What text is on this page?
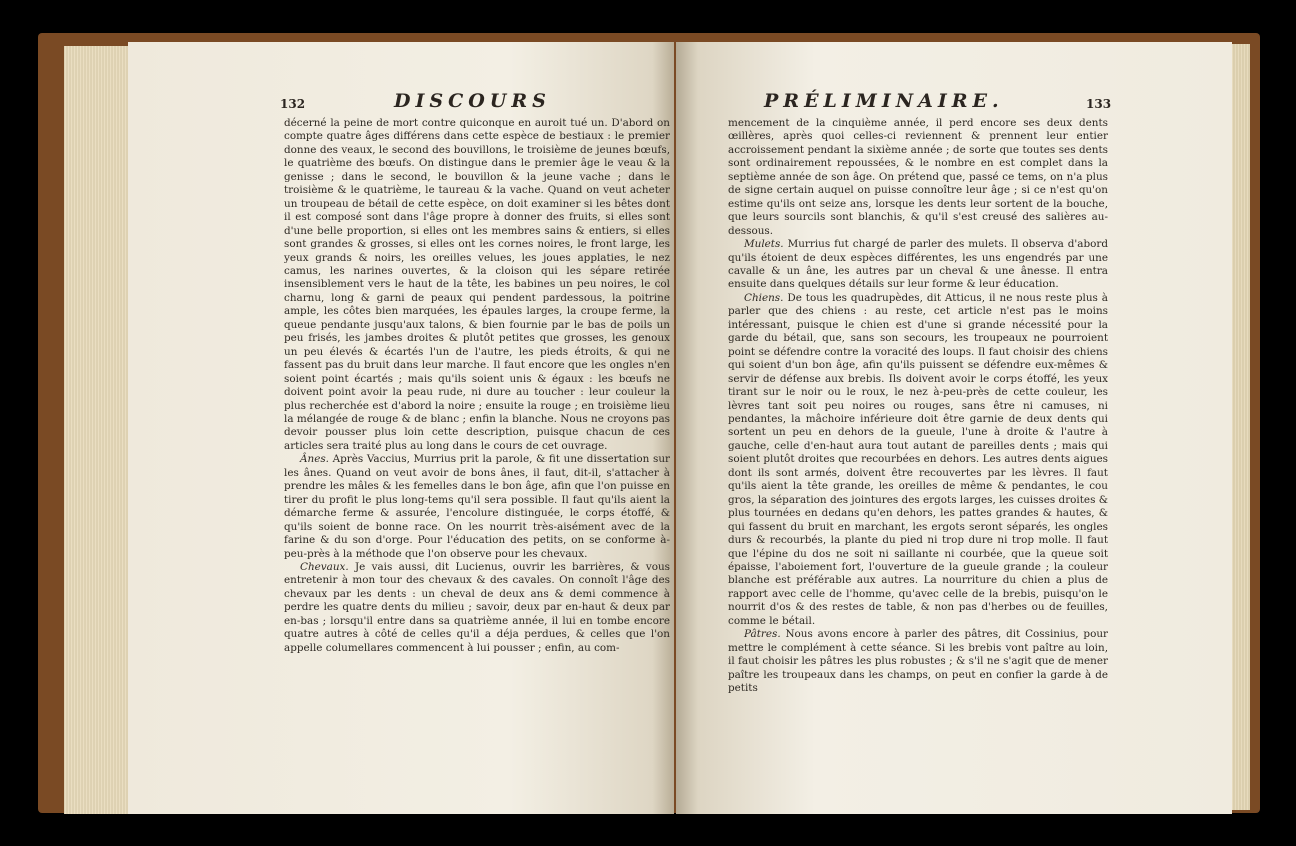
132	DISCOURS

décerné la peine de mort contre quiconque en auroit tué un. D'abord on compte quatre âges différens dans cette espèce de bestiaux : le premier donne des veaux, le second des bouvillons, le troisième de jeunes bœufs, le quatrième des bœufs. On distingue dans le premier âge le veau & la genisse ; dans le second, le bouvillon & la jeune vache ; dans le troisième & le quatrième, le taureau & la vache. Quand on veut acheter un troupeau de bétail de cette espèce, on doit examiner si les bêtes dont il est composé sont dans l'âge propre à donner des fruits, si elles sont d'une belle proportion, si elles ont les membres sains & entiers, si elles sont grandes & grosses, si elles ont les cornes noires, le front large, les yeux grands & noirs, les oreilles velues, les joues applaties, le nez camus, les narines ouvertes, & la cloison qui les sépare retirée insensiblement vers le haut de la tête, les babines un peu noires, le col charnu, long & garni de peaux qui pendent pardessous, la poitrine ample, les côtes bien marquées, les épaules larges, la croupe ferme, la queue pendante jusqu'aux talons, & bien fournie par le bas de poils un peu frisés, les jambes droites & plutôt petites que grosses, les genoux un peu élevés & écartés l'un de l'autre, les pieds étroits, & qui ne fassent pas du bruit dans leur marche. Il faut encore que les ongles n'en soient point écartés ; mais qu'ils soient unis & égaux : les bœufs ne doivent point avoir la peau rude, ni dure au toucher : leur couleur la plus recherchée est d'abord la noire ; ensuite la rouge ; en troisième lieu la mélangée de rouge & de blanc ; enfin la blanche. Nous ne croyons pas devoir pousser plus loin cette description, puisque chacun de ces articles sera traité plus au long dans le cours de cet ouvrage.

Ânes. Après Vaccius, Murrius prit la parole, & fit une dissertation sur les ânes. Quand on veut avoir de bons ânes, il faut, dit-il, s'attacher à prendre les mâles & les femelles dans le bon âge, afin que l'on puisse en tirer du profit le plus long-tems qu'il sera possible. Il faut qu'ils aient la démarche ferme & assurée, l'encolure distinguée, le corps étoffé, & qu'ils soient de bonne race. On les nourrit très-aisément avec de la farine & du son d'orge. Pour l'éducation des petits, on se conforme à-peu-près à la méthode que l'on observe pour les chevaux.

Chevaux. Je vais aussi, dit Lucienus, ouvrir les barrières, & vous entretenir à mon tour des chevaux & des cavales. On connoît l'âge des chevaux par les dents : un cheval de deux ans & demi commence à perdre les quatre dents du milieu ; savoir, deux par en-haut & deux par en-bas ; lorsqu'il entre dans sa quatrième année, il lui en tombe encore quatre autres à côté de celles qu'il a déja perdues, & celles que l'on appelle columellares commencent à lui pousser ; enfin, au com-

PRÉLIMINAIRE.	133

mencement de la cinquième année, il perd encore ses deux dents œillères, après quoi celles-ci reviennent & prennent leur entier accroissement pendant la sixième année ; de sorte que toutes ses dents sont ordinairement repoussées, & le nombre en est complet dans la septième année de son âge. On prétend que, passé ce tems, on n'a plus de signe certain auquel on puisse connoître leur âge ; si ce n'est qu'on estime qu'ils ont seize ans, lorsque les dents leur sortent de la bouche, que leurs sourcils sont blanchis, & qu'il s'est creusé des salières au-dessous.

Mulets. Murrius fut chargé de parler des mulets. Il observa d'abord qu'ils étoient de deux espèces différentes, les uns engendrés par une cavalle & un âne, les autres par un cheval & une ânesse. Il entra ensuite dans quelques détails sur leur forme & leur éducation.

Chiens. De tous les quadrupèdes, dit Atticus, il ne nous reste plus à parler que des chiens : au reste, cet article n'est pas le moins intéressant, puisque le chien est d'une si grande nécessité pour la garde du bétail, que, sans son secours, les troupeaux ne pourroient point se défendre contre la voracité des loups. Il faut choisir des chiens qui soient d'un bon âge, afin qu'ils puissent se défendre eux-mêmes & servir de défense aux brebis. Ils doivent avoir le corps étoffé, les yeux tirant sur le noir ou le roux, le nez à-peu-près de cette couleur, les lèvres tant soit peu noires ou rouges, sans être ni camuses, ni pendantes, la mâchoire inférieure doit être garnie de deux dents qui sortent un peu en dehors de la gueule, l'une à droite & l'autre à gauche, celle d'en-haut aura tout autant de pareilles dents ; mais qui soient plutôt droites que recourbées en dehors. Les autres dents aigues dont ils sont armés, doivent être recouvertes par les lèvres. Il faut qu'ils aient la tête grande, les oreilles de même & pendantes, le cou gros, la séparation des jointures des ergots larges, les cuisses droites & plus tournées en dedans qu'en dehors, les pattes grandes & hautes, & qui fassent du bruit en marchant, les ergots seront séparés, les ongles durs & recourbés, la plante du pied ni trop dure ni trop molle. Il faut que l'épine du dos ne soit ni saillante ni courbée, que la queue soit épaisse, l'aboiement fort, l'ouverture de la gueule grande ; la couleur blanche est préférable aux autres. La nourriture du chien a plus de rapport avec celle de l'homme, qu'avec celle de la brebis, puisqu'on le nourrit d'os & des restes de table, & non pas d'herbes ou de feuilles, comme le bétail.

Pâtres. Nous avons encore à parler des pâtres, dit Cossinius, pour mettre le complément à cette séance. Si les brebis vont paître au loin, il faut choisir les pâtres les plus robustes ; & s'il ne s'agit que de mener paître les troupeaux dans les champs, on peut en confier la garde à de petits
